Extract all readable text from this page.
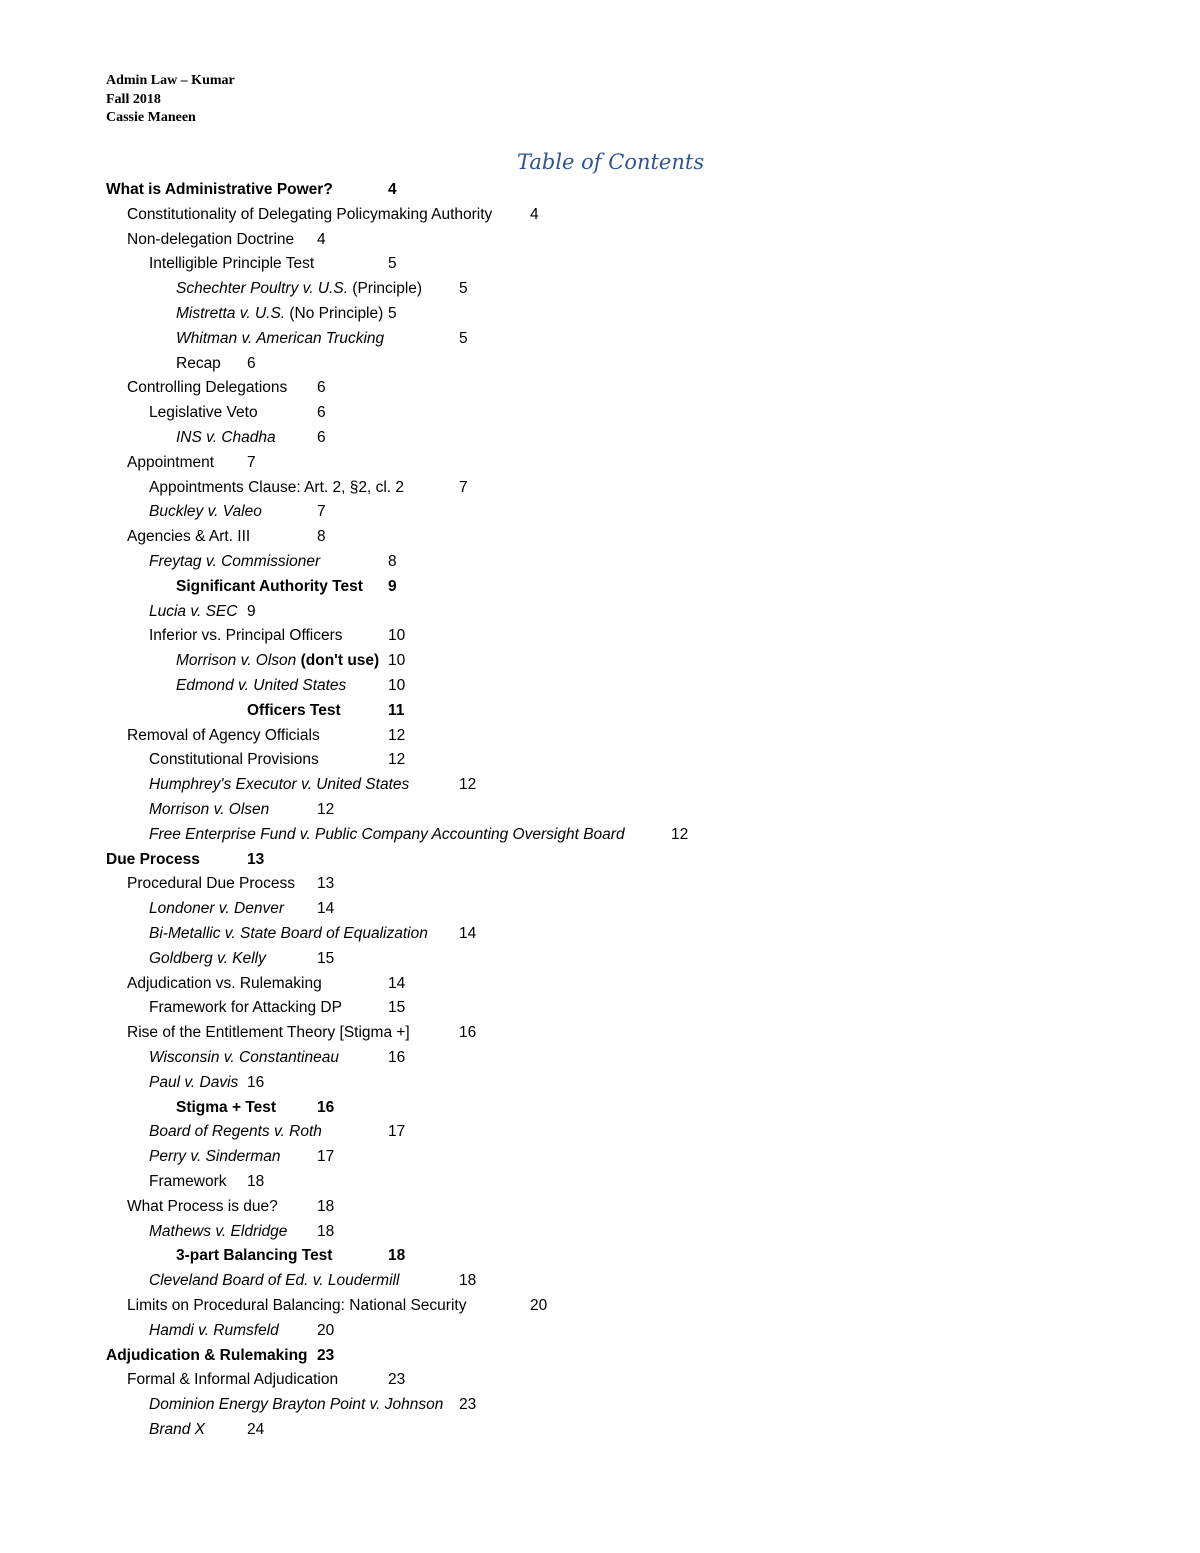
Admin Law – Kumar
Fall 2018
Cassie Maneen
Table of Contents
What is Administrative Power?	4
Constitutionality of Delegating Policymaking Authority 4
Non-delegation Doctrine 4
Intelligible Principle Test	5
Schechter Poultry v. U.S. (Principle) 5
Mistretta v. U.S. (No Principle) 5
Whitman v. American Trucking	5
Recap 6
Controlling Delegations 6
Legislative Veto	6
INS v. Chadha	6
Appointment 7
Appointments Clause: Art. 2, §2, cl. 2	7
Buckley v. Valeo	7
Agencies & Art. III	8
Freytag v. Commissioner	8
Significant Authority Test 9
Lucia v. SEC 9
Inferior vs. Principal Officers	10
Morrison v. Olson (don't use) 10
Edmond v. United States	10
Officers Test	11
Removal of Agency Officials	12
Constitutional Provisions	12
Humphrey's Executor v. United States	12
Morrison v. Olsen	12
Free Enterprise Fund v. Public Company Accounting Oversight Board	12
Due Process	13
Procedural Due Process 13
Londoner v. Denver 14
Bi-Metallic v. State Board of Equalization 14
Goldberg v. Kelly	15
Adjudication vs. Rulemaking	14
Framework for Attacking DP	15
Rise of the Entitlement Theory [Stigma +]	16
Wisconsin v. Constantineau	16
Paul v. Davis 16
Stigma + Test	16
Board of Regents v. Roth	17
Perry v. Sinderman 17
Framework 18
What Process is due?	18
Mathews v. Eldridge 18
3-part Balancing Test	18
Cleveland Board of Ed. v. Loudermill	18
Limits on Procedural Balancing: National Security	20
Hamdi v. Rumsfeld 20
Adjudication & Rulemaking 23
Formal & Informal Adjudication	23
Dominion Energy Brayton Point v. Johnson 23
Brand X	24
